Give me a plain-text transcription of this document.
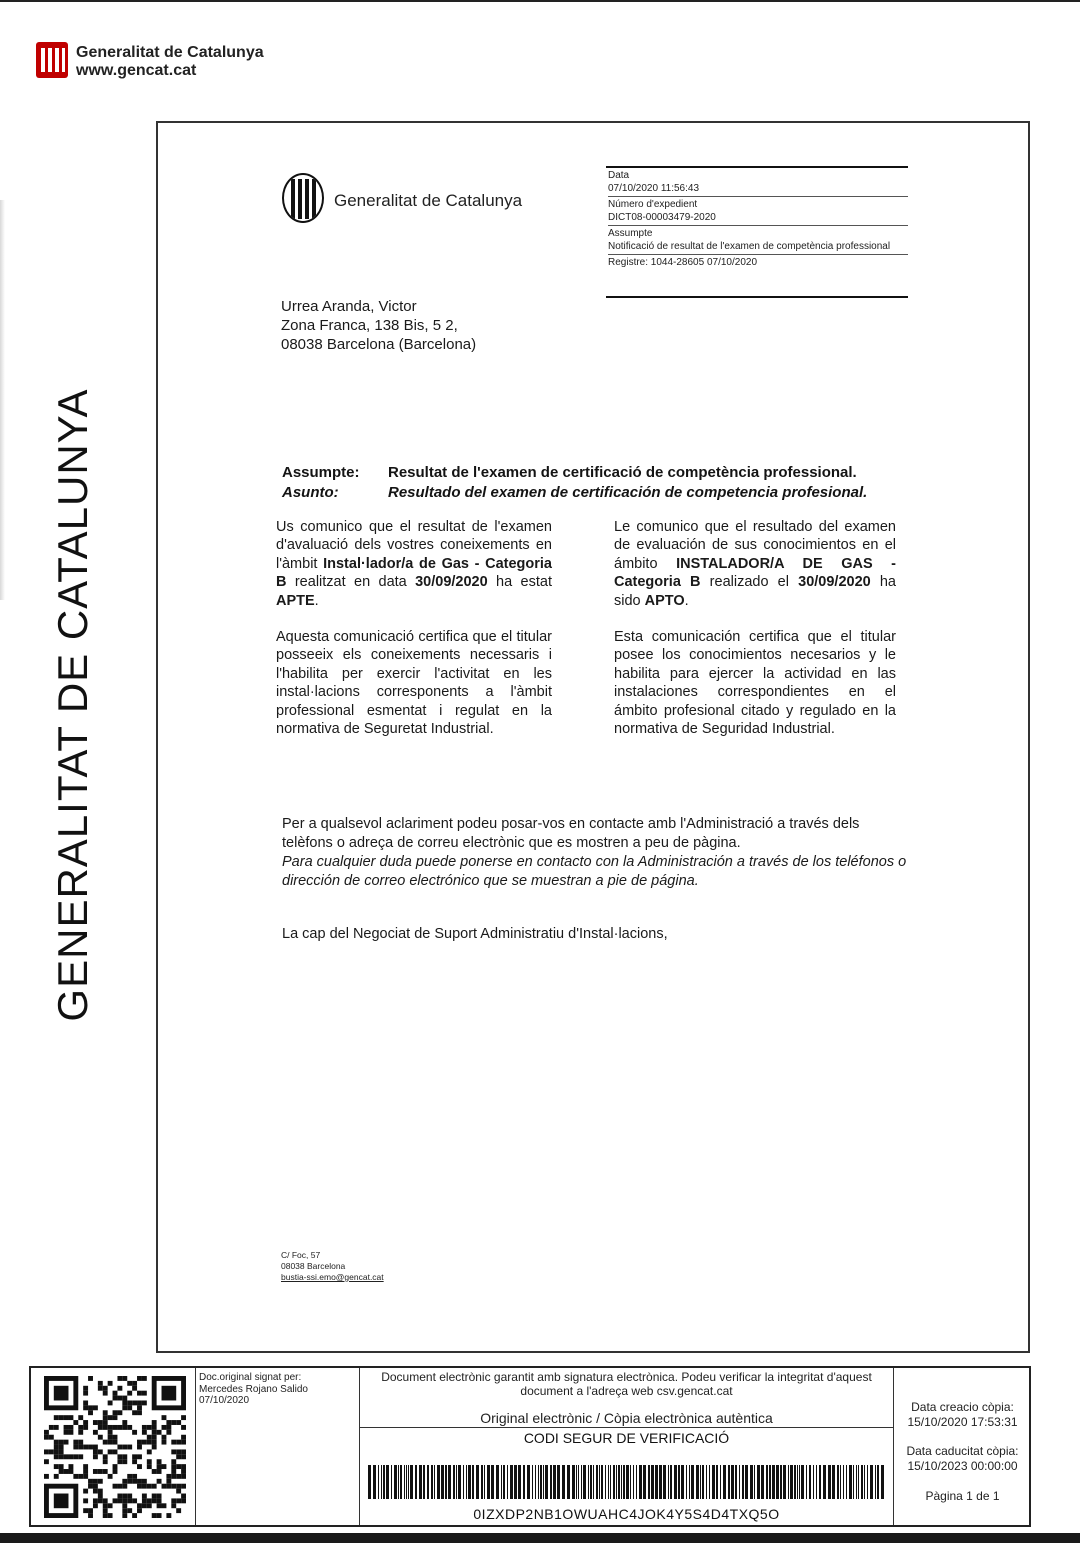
Generalitat de Catalunya
www.gencat.cat
GENERALITAT DE CATALUNYA
Generalitat de Catalunya
Data
07/10/2020 11:56:43
Número d'expedient
DICT08-00003479-2020
Assumpte
Notificació de resultat de l'examen de competència professional
Registre: 1044-28605 07/10/2020
Urrea Aranda, Victor
Zona Franca, 138 Bis, 5 2,
08038 Barcelona (Barcelona)
Assumpte: Resultat de l'examen de certificació de competència professional.
Asunto:	Resultado del examen de certificación de competencia profesional.

Us comunico que el resultat de l'examen d'avaluació dels vostres coneixements en l'àmbit Instal·lador/a de Gas - Categoria B realitzat en data 30/09/2020 ha estat APTE.

Aquesta comunicació certifica que el titular posseeix els coneixements necessaris i l'habilita per exercir l'activitat en les instal·lacions corresponents a l'àmbit professional esmentat i regulat en la normativa de Seguretat Industrial.

Le comunico que el resultado del examen de evaluación de sus conocimientos en el ámbito INSTALADOR/A DE GAS - Categoria B realizado el 30/09/2020 ha sido APTO.

Esta comunicación certifica que el titular posee los conocimientos necesarios y le habilita para ejercer la actividad en las instalaciones correspondientes en el ámbito profesional citado y regulado en la normativa de Seguridad Industrial.

Per a qualsevol aclariment podeu posar-vos en contacte amb l'Administració a través dels telèfons o adreça de correu electrònic que es mostren a peu de pàgina.
Para cualquier duda puede ponerse en contacto con la Administración a través de los teléfonos o dirección de correo electrónico que se muestran a pie de página.
La cap del Negociat de Suport Administratiu d'Instal·lacions,
C/ Foc, 57
08038 Barcelona
bustia-ssi.emo@gencat.cat
Doc.original signat per:
Mercedes Rojano Salido
07/10/2020
Document electrònic garantit amb signatura electrònica. Podeu verificar la integritat d'aquest document a l'adreça web csv.gencat.cat
Original electrònic / Còpia electrònica autèntica
CODI SEGUR DE VERIFICACIÓ
0IZXDP2NB1OWUAHC4JOK4Y5S4D4TXQ5O
Data creacio còpia:
15/10/2020 17:53:31
Data caducitat còpia:
15/10/2023 00:00:00
Pàgina 1 de 1
